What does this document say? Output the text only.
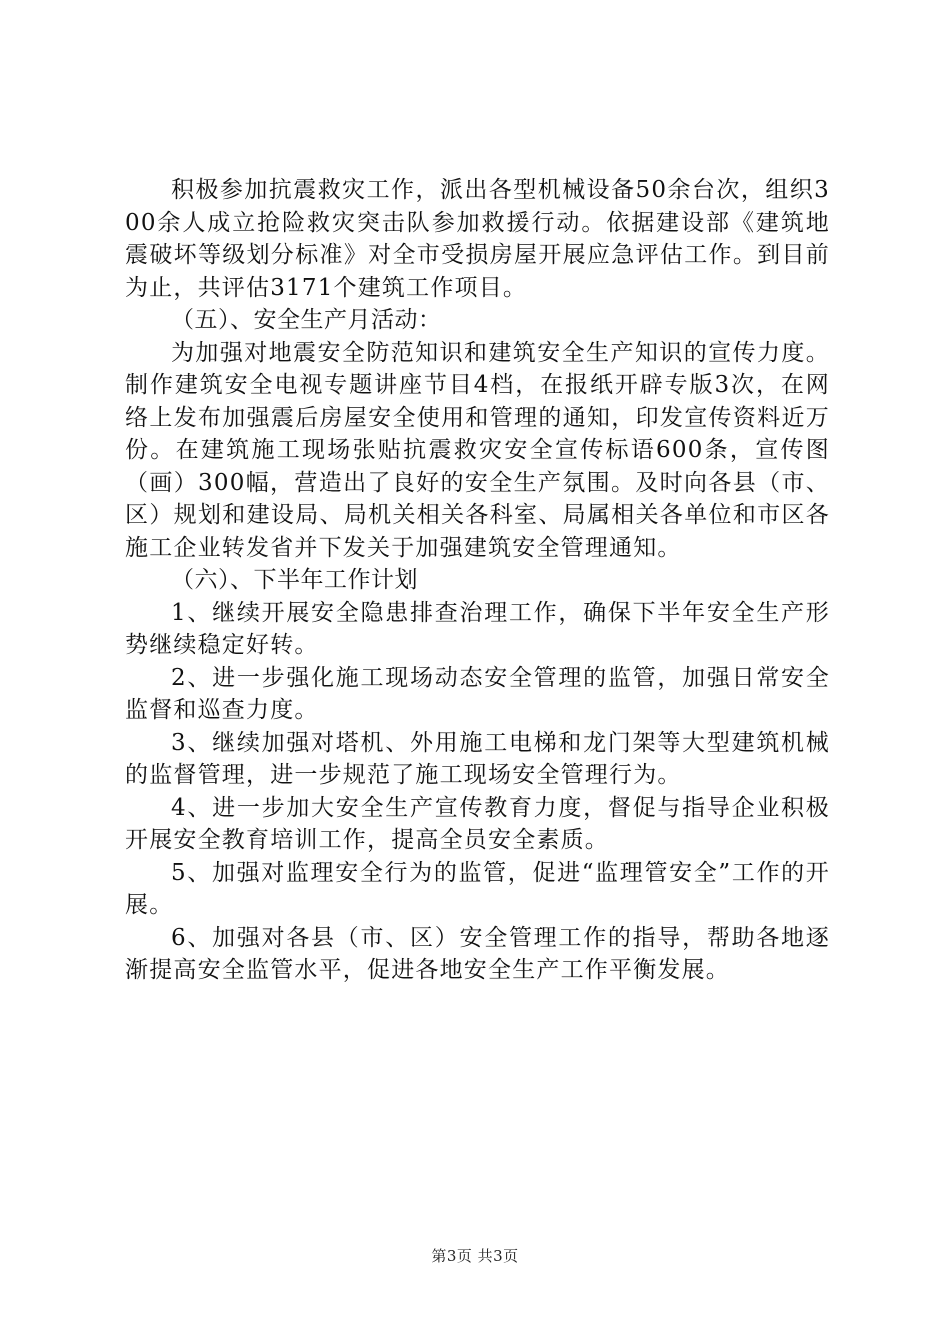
积极参加抗震救灾工作，派出各型机械设备50余台次，组织300余人成立抢险救灾突击队参加救援行动。依据建设部《建筑地震破坏等级划分标准》对全市受损房屋开展应急评估工作。到目前为止，共评估3171个建筑工作项目。

（五）、安全生产月活动：

为加强对地震安全防范知识和建筑安全生产知识的宣传力度。制作建筑安全电视专题讲座节目4档，在报纸开辟专版3次，在网络上发布加强震后房屋安全使用和管理的通知，印发宣传资料近万份。在建筑施工现场张贴抗震救灾安全宣传标语600条，宣传图（画）300幅，营造出了良好的安全生产氛围。及时向各县（市、区）规划和建设局、局机关相关各科室、局属相关各单位和市区各施工企业转发省并下发关于加强建筑安全管理通知。

（六）、下半年工作计划

1、继续开展安全隐患排查治理工作，确保下半年安全生产形势继续稳定好转。

2、进一步强化施工现场动态安全管理的监管，加强日常安全监督和巡查力度。

3、继续加强对塔机、外用施工电梯和龙门架等大型建筑机械的监督管理，进一步规范了施工现场安全管理行为。

4、进一步加大安全生产宣传教育力度，督促与指导企业积极开展安全教育培训工作，提高全员安全素质。

5、加强对监理安全行为的监管，促进“监理管安全”工作的开展。

6、加强对各县（市、区）安全管理工作的指导，帮助各地逐渐提高安全监管水平，促进各地安全生产工作平衡发展。

第3页 共3页
